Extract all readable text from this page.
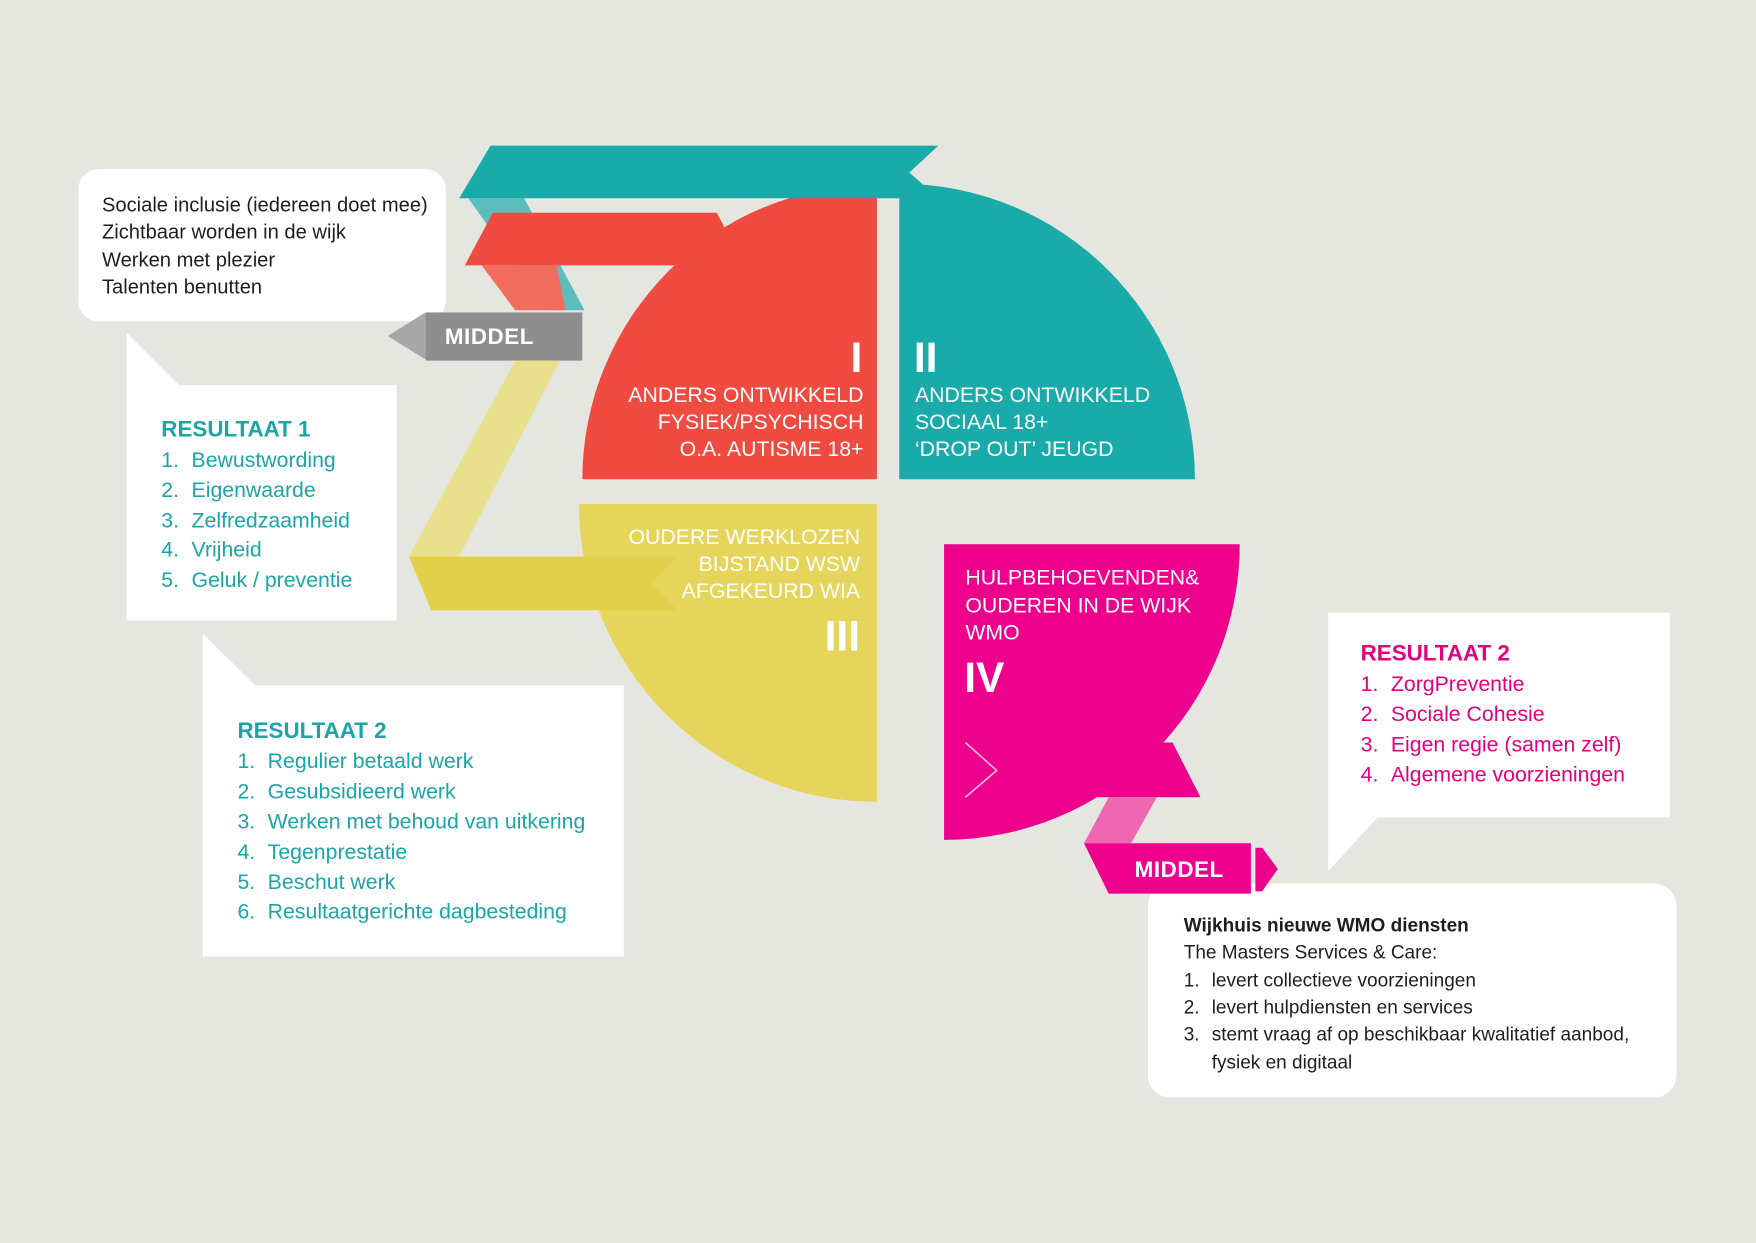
MIDDEL
MIDDEL
I
ANDERS ONTWIKKELD
FYSIEK/PSYCHISCH
O.A. AUTISME 18+
II
ANDERS ONTWIKKELD
SOCIAAL 18+
‘DROP OUT’ JEUGD
OUDERE WERKLOZEN
BIJSTAND WSW
AFGEKEURD WIA
III
HULPBEHOEVENDEN&
OUDEREN IN DE WIJK
WMO
IV
Sociale inclusie (iedereen doet mee)
Zichtbaar worden in de wijk
Werken met plezier
Talenten benutten
RESULTAAT 1
1. Bewustwording
2. Eigenwaarde
3. Zelfredzaamheid
4. Vrijheid
5. Geluk / preventie
RESULTAAT 2
1. Regulier betaald werk
2. Gesubsidieerd werk
3. Werken met behoud van uitkering
4. Tegenprestatie
5. Beschut werk
6. Resultaatgerichte dagbesteding
RESULTAAT 2
1. ZorgPreventie
2. Sociale Cohesie
3. Eigen regie (samen zelf)
4. Algemene voorzieningen
Wijkhuis nieuwe WMO diensten
The Masters Services & Care:
1. levert collectieve voorzieningen
2. levert hulpdiensten en services
3. stemt vraag af op beschikbaar kwalitatief aanbod,
fysiek en digitaal
